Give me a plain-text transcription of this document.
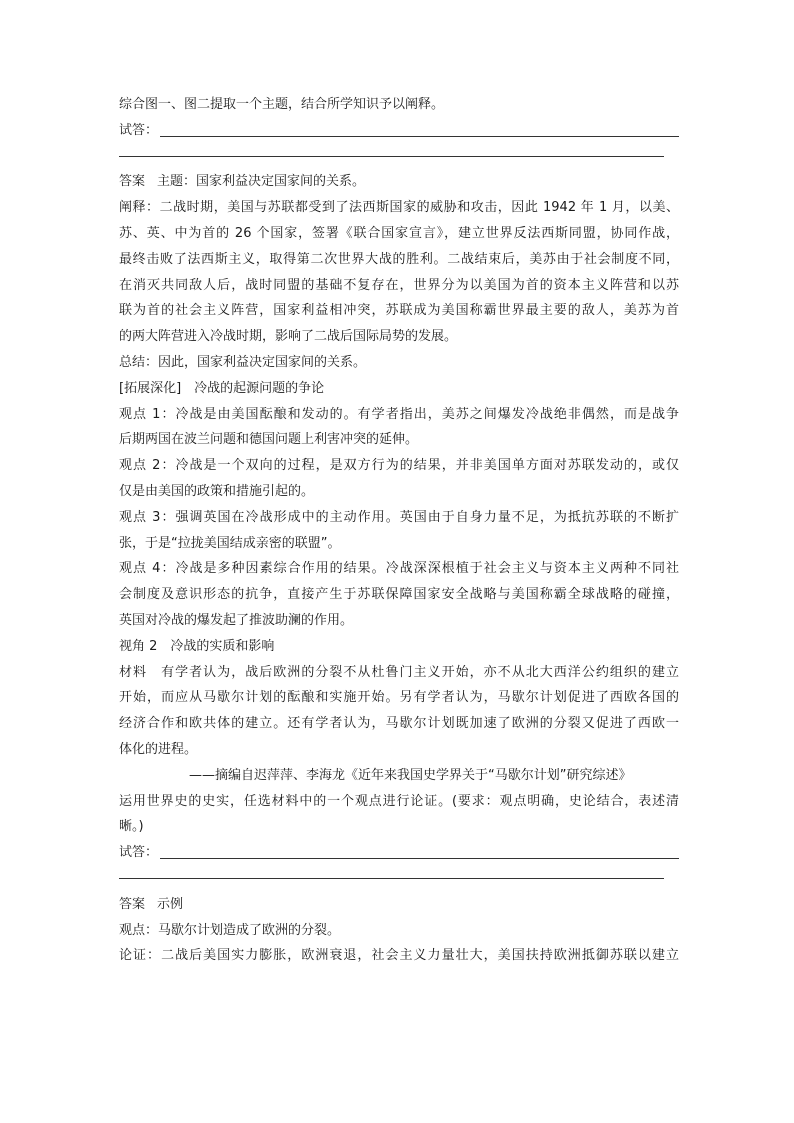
综合图一、图二提取一个主题，结合所学知识予以阐释。
试答：
答案 主题：国家利益决定国家间的关系。
阐释：二战时期，美国与苏联都受到了法西斯国家的威胁和攻击，因此 1942 年 1 月，以美、
苏、英、中为首的 26 个国家，签署《联合国家宣言》，建立世界反法西斯同盟，协同作战，
最终击败了法西斯主义，取得第二次世界大战的胜利。二战结束后，美苏由于社会制度不同，
在消灭共同敌人后，战时同盟的基础不复存在，世界分为以美国为首的资本主义阵营和以苏
联为首的社会主义阵营，国家利益相冲突，苏联成为美国称霸世界最主要的敌人，美苏为首
的两大阵营进入冷战时期，影响了二战后国际局势的发展。
总结：因此，国家利益决定国家间的关系。
[拓展深化]　冷战的起源问题的争论
观点 1：冷战是由美国酝酿和发动的。有学者指出，美苏之间爆发冷战绝非偶然，而是战争
后期两国在波兰问题和德国问题上利害冲突的延伸。
观点 2：冷战是一个双向的过程，是双方行为的结果，并非美国单方面对苏联发动的，或仅
仅是由美国的政策和措施引起的。
观点 3：强调英国在冷战形成中的主动作用。英国由于自身力量不足，为抵抗苏联的不断扩
张，于是“拉拢美国结成亲密的联盟”。
观点 4：冷战是多种因素综合作用的结果。冷战深深根植于社会主义与资本主义两种不同社
会制度及意识形态的抗争，直接产生于苏联保障国家安全战略与美国称霸全球战略的碰撞，
英国对冷战的爆发起了推波助澜的作用。
视角 2　冷战的实质和影响
材料　有学者认为，战后欧洲的分裂不从杜鲁门主义开始，亦不从北大西洋公约组织的建立
开始，而应从马歇尔计划的酝酿和实施开始。另有学者认为，马歇尔计划促进了西欧各国的
经济合作和欧共体的建立。还有学者认为，马歇尔计划既加速了欧洲的分裂又促进了西欧一
体化的进程。
——摘编自迟萍萍、李海龙《近年来我国史学界关于“马歇尔计划”研究综述》
运用世界史的史实，任选材料中的一个观点进行论证。(要求：观点明确，史论结合，表述清
晰。)
试答：
答案 示例
观点：马歇尔计划造成了欧洲的分裂。
论证：二战后美国实力膨胀，欧洲衰退，社会主义力量壮大，美国扶持欧洲抵御苏联以建立
